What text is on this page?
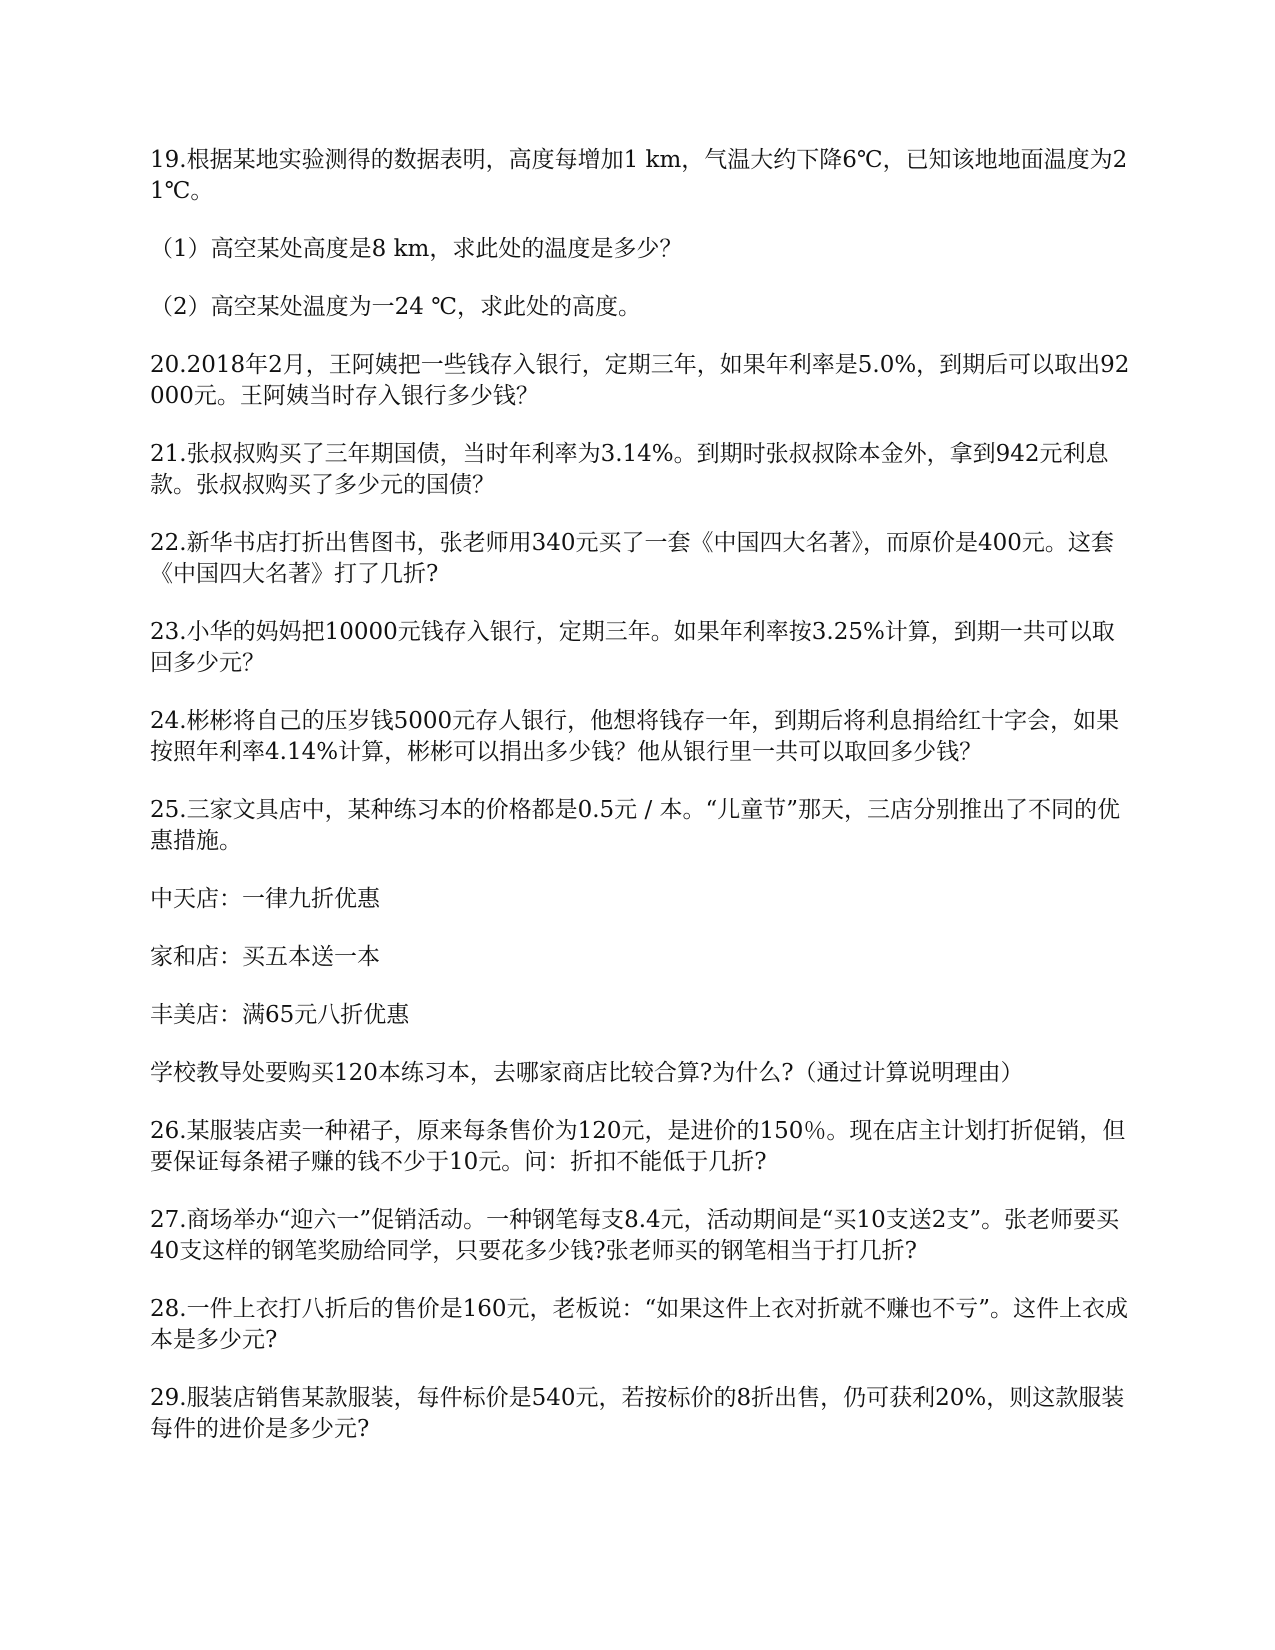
19.根据某地实验测得的数据表明，高度每增加1 km，气温大约下降6℃，已知该地地面温度为21℃。

（1）高空某处高度是8 km，求此处的温度是多少？

（2）高空某处温度为一24 ℃，求此处的高度。

20.2018年2月，王阿姨把一些钱存入银行，定期三年，如果年利率是5.0%，到期后可以取出92000元。王阿姨当时存入银行多少钱？

21.张叔叔购买了三年期国债，当时年利率为3.14%。到期时张叔叔除本金外，拿到942元利息款。张叔叔购买了多少元的国债？

22.新华书店打折出售图书，张老师用340元买了一套《中国四大名著》，而原价是400元。这套《中国四大名著》打了几折?

23.小华的妈妈把10000元钱存入银行，定期三年。如果年利率按3.25%计算，到期一共可以取回多少元？

24.彬彬将自己的压岁钱5000元存人银行，他想将钱存一年，到期后将利息捐给红十字会，如果按照年利率4.14%计算，彬彬可以捐出多少钱？他从银行里一共可以取回多少钱？

25.三家文具店中，某种练习本的价格都是0.5元 / 本。“儿童节”那天，三店分别推出了不同的优惠措施。

中天店：一律九折优惠

家和店：买五本送一本

丰美店：满65元八折优惠

学校教导处要购买120本练习本，去哪家商店比较合算?为什么?（通过计算说明理由）

26.某服装店卖一种裙子，原来每条售价为120元，是进价的150％。现在店主计划打折促销，但要保证每条裙子赚的钱不少于10元。问：折扣不能低于几折?

27.商场举办“迎六一”促销活动。一种钢笔每支8.4元，活动期间是“买10支送2支”。张老师要买40支这样的钢笔奖励给同学，只要花多少钱?张老师买的钢笔相当于打几折?

28.一件上衣打八折后的售价是160元，老板说：“如果这件上衣对折就不赚也不亏”。这件上衣成本是多少元?

29.服装店销售某款服装，每件标价是540元，若按标价的8折出售，仍可获利20%，则这款服装每件的进价是多少元?
